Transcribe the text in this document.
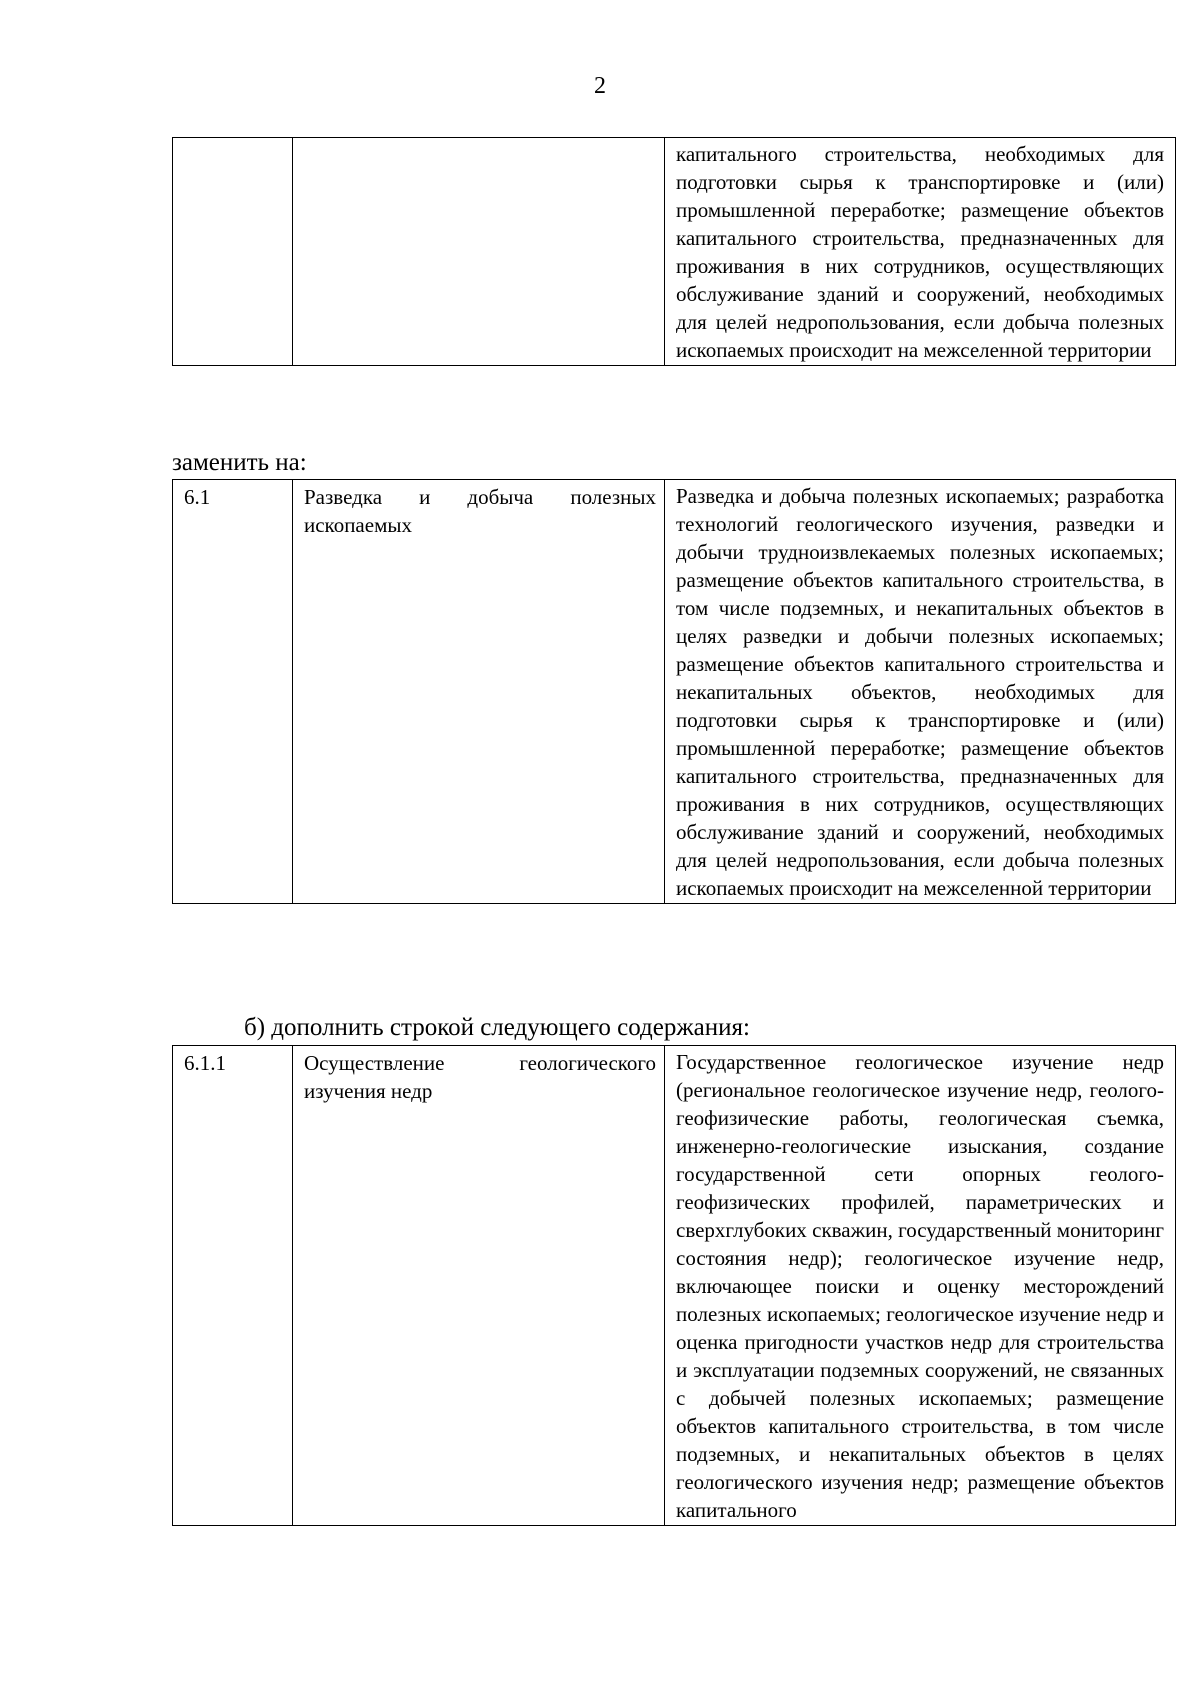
2
		капитального строительства, необходимых для подготовки сырья к транспортировке и (или) промышленной переработке; размещение объектов капитального строительства, предназначенных для проживания в них сотрудников, осуществляющих обслуживание зданий и сооружений, необходимых для целей недропользования, если добыча полезных ископаемых происходит на межселенной территории
заменить на:
6.1	Разведка и добыча полезных ископаемых	Разведка и добыча полезных ископаемых; разработка технологий геологического изучения, разведки и добычи трудноизвлекаемых полезных ископаемых; размещение объектов капитального строительства, в том числе подземных, и некапитальных объектов в целях разведки и добычи полезных ископаемых; размещение объектов капитального строительства и некапитальных объектов, необходимых для подготовки сырья к транспортировке и (или) промышленной переработке; размещение объектов капитального строительства, предназначенных для проживания в них сотрудников, осуществляющих обслуживание зданий и сооружений, необходимых для целей недропользования, если добыча полезных ископаемых происходит на межселенной территории
б) дополнить строкой следующего содержания:
6.1.1	Осуществление геологического изучения недр	Государственное геологическое изучение недр (региональное геологическое изучение недр, геолого-геофизические работы, геологическая съемка, инженерно-геологические изыскания, создание государственной сети опорных геолого-геофизических профилей, параметрических и сверхглубоких скважин, государственный мониторинг состояния недр); геологическое изучение недр, включающее поиски и оценку месторождений полезных ископаемых; геологическое изучение недр и оценка пригодности участков недр для строительства и эксплуатации подземных сооружений, не связанных с добычей полезных ископаемых; размещение объектов капитального строительства, в том числе подземных, и некапитальных объектов в целях геологического изучения недр; размещение объектов капитального
